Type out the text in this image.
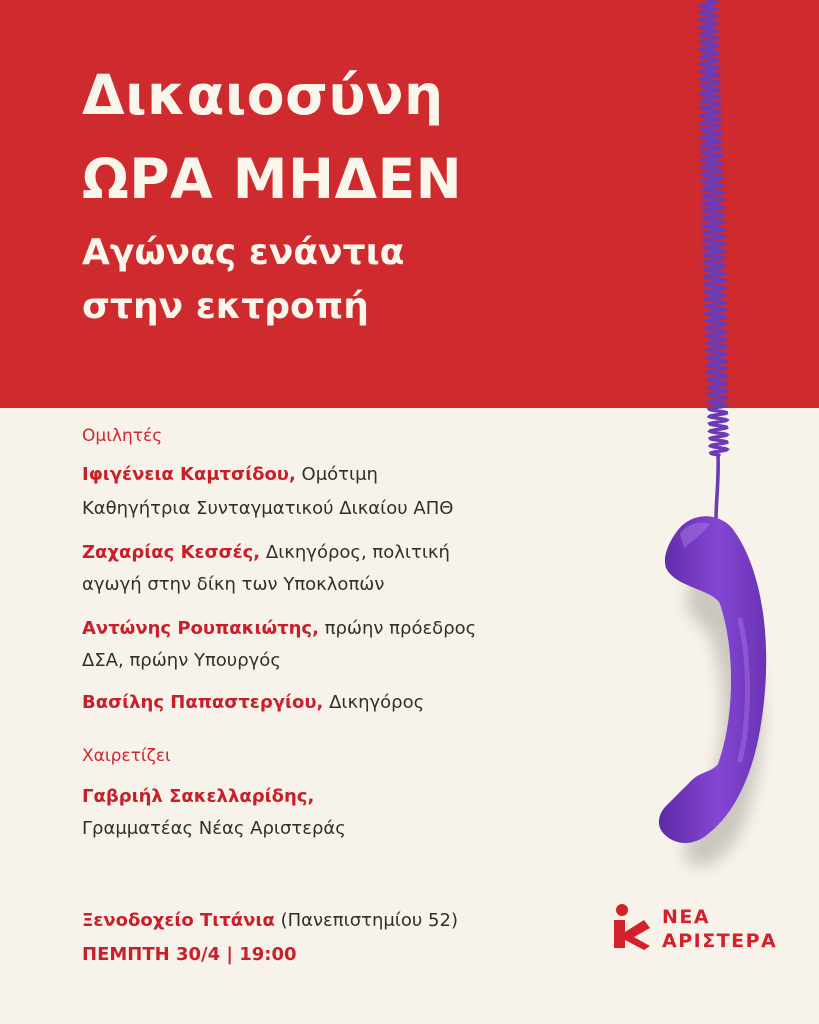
Δικαιοσύνη
ΩΡΑ ΜΗΔΕΝ
Αγώνας ενάντια
στην εκτροπή
Ομιλητές
Ιφιγένεια Καμτσίδου, Ομότιμη
Καθηγήτρια Συνταγματικού Δικαίου ΑΠΘ
Ζαχαρίας Κεσσές, Δικηγόρος, πολιτική
αγωγή στην δίκη των Υποκλοπών
Αντώνης Ρουπακιώτης, πρώην πρόεδρος
ΔΣΑ, πρώην Υπουργός
Βασίλης Παπαστεργίου, Δικηγόρος
Χαιρετίζει
Γαβριήλ Σακελλαρίδης,
Γραμματέας Νέας Αριστεράς
Ξενοδοχείο Τιτάνια (Πανεπιστημίου 52)
ΠΕΜΠΤΗ 30/4 | 19:00
ΝΕΑ
ΑΡΙΣΤΕΡΑ
